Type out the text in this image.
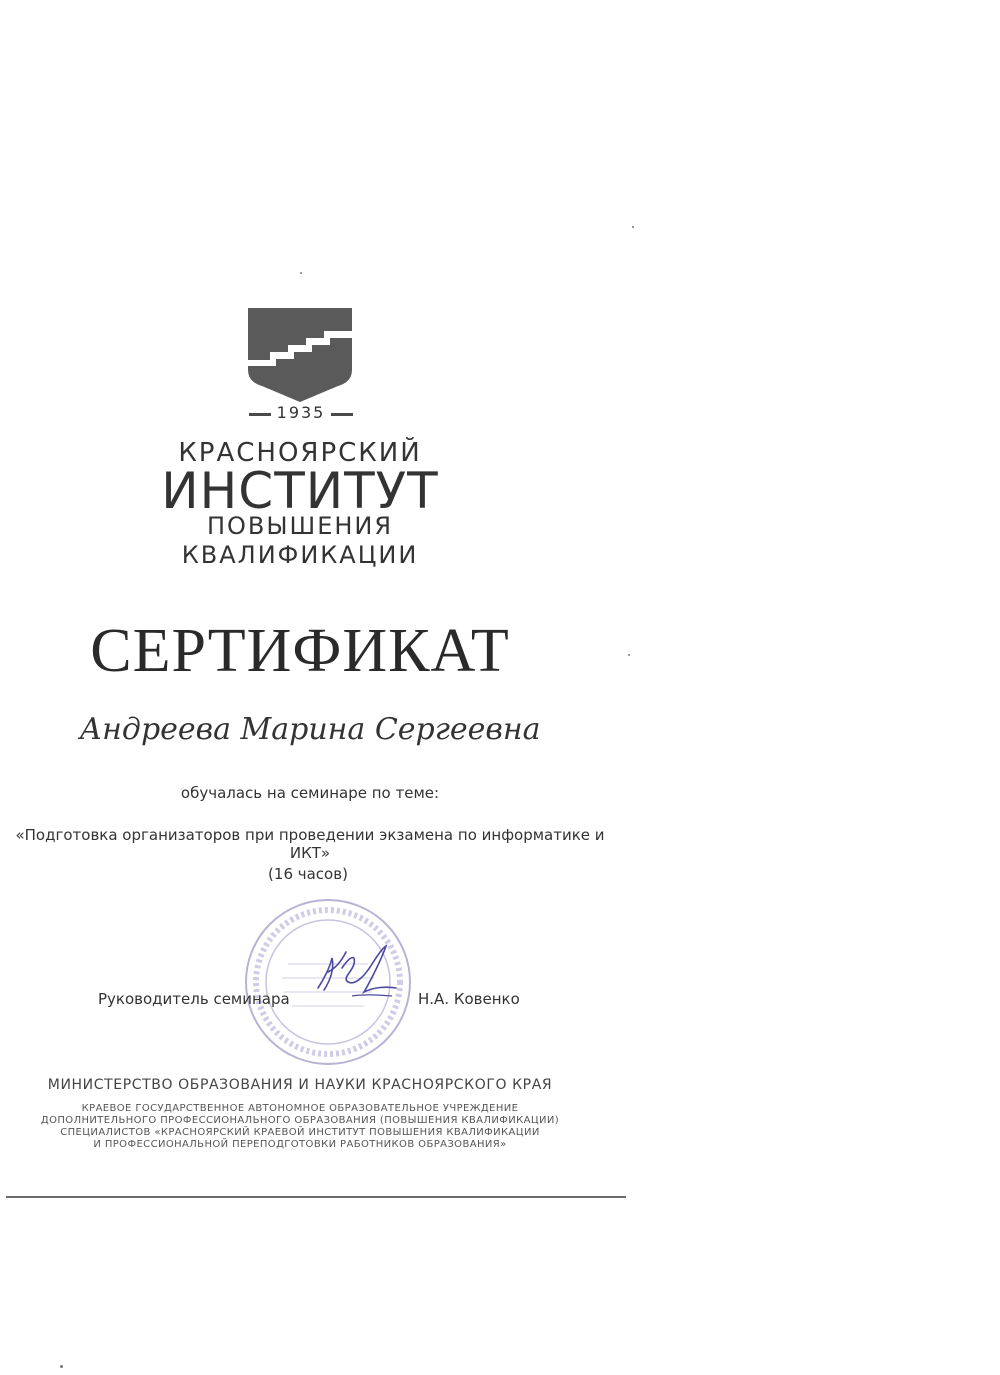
1935
КРАСНОЯРСКИЙ
ИНСТИТУТ
ПОВЫШЕНИЯ
КВАЛИФИКАЦИИ
СЕРТИФИКАТ
Андреева Марина Сергеевна
обучалась на семинаре по теме:
«Подготовка организаторов при проведении экзамена по информатике и ИКТ»
(16 часов)
Руководитель семинара	Н.А. Ковенко
МИНИСТЕРСТВО ОБРАЗОВАНИЯ И НАУКИ КРАСНОЯРСКОГО КРАЯ
КРАЕВОЕ ГОСУДАРСТВЕННОЕ АВТОНОМНОЕ ОБРАЗОВАТЕЛЬНОЕ УЧРЕЖДЕНИЕ
ДОПОЛНИТЕЛЬНОГО ПРОФЕССИОНАЛЬНОГО ОБРАЗОВАНИЯ (ПОВЫШЕНИЯ КВАЛИФИКАЦИИ)
СПЕЦИАЛИСТОВ «КРАСНОЯРСКИЙ КРАЕВОЙ ИНСТИТУТ ПОВЫШЕНИЯ КВАЛИФИКАЦИИ
И ПРОФЕССИОНАЛЬНОЙ ПЕРЕПОДГОТОВКИ РАБОТНИКОВ ОБРАЗОВАНИЯ»
